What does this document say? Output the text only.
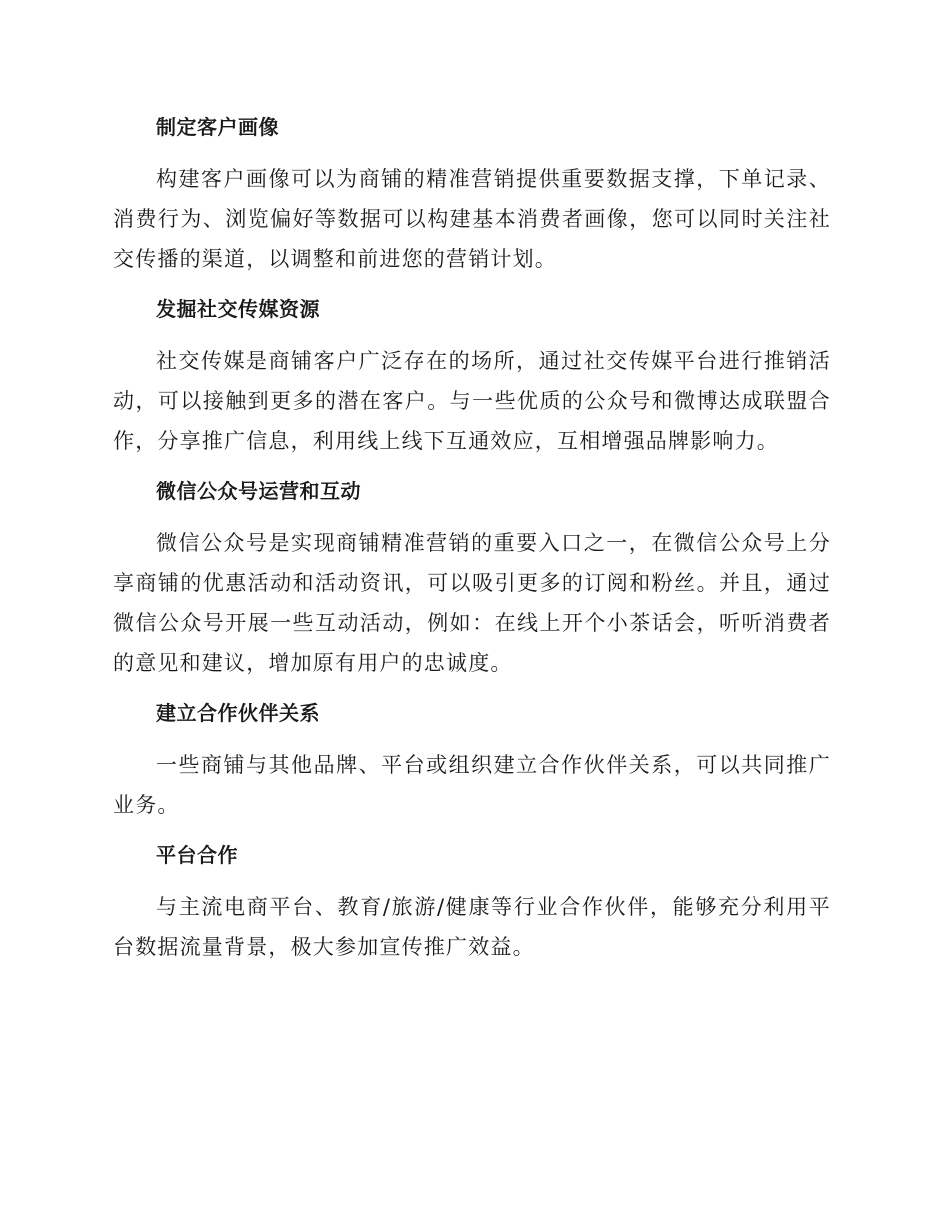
制定客户画像

构建客户画像可以为商铺的精准营销提供重要数据支撑，下单记录、消费行为、浏览偏好等数据可以构建基本消费者画像，您可以同时关注社交传播的渠道，以调整和前进您的营销计划。

发掘社交传媒资源

社交传媒是商铺客户广泛存在的场所，通过社交传媒平台进行推销活动，可以接触到更多的潜在客户。与一些优质的公众号和微博达成联盟合作，分享推广信息，利用线上线下互通效应，互相增强品牌影响力。

微信公众号运营和互动

微信公众号是实现商铺精准营销的重要入口之一，在微信公众号上分享商铺的优惠活动和活动资讯，可以吸引更多的订阅和粉丝。并且，通过微信公众号开展一些互动活动，例如：在线上开个小茶话会，听听消费者的意见和建议，增加原有用户的忠诚度。

建立合作伙伴关系

一些商铺与其他品牌、平台或组织建立合作伙伴关系，可以共同推广业务。

平台合作

与主流电商平台、教育/旅游/健康等行业合作伙伴，能够充分利用平台数据流量背景，极大参加宣传推广效益。
